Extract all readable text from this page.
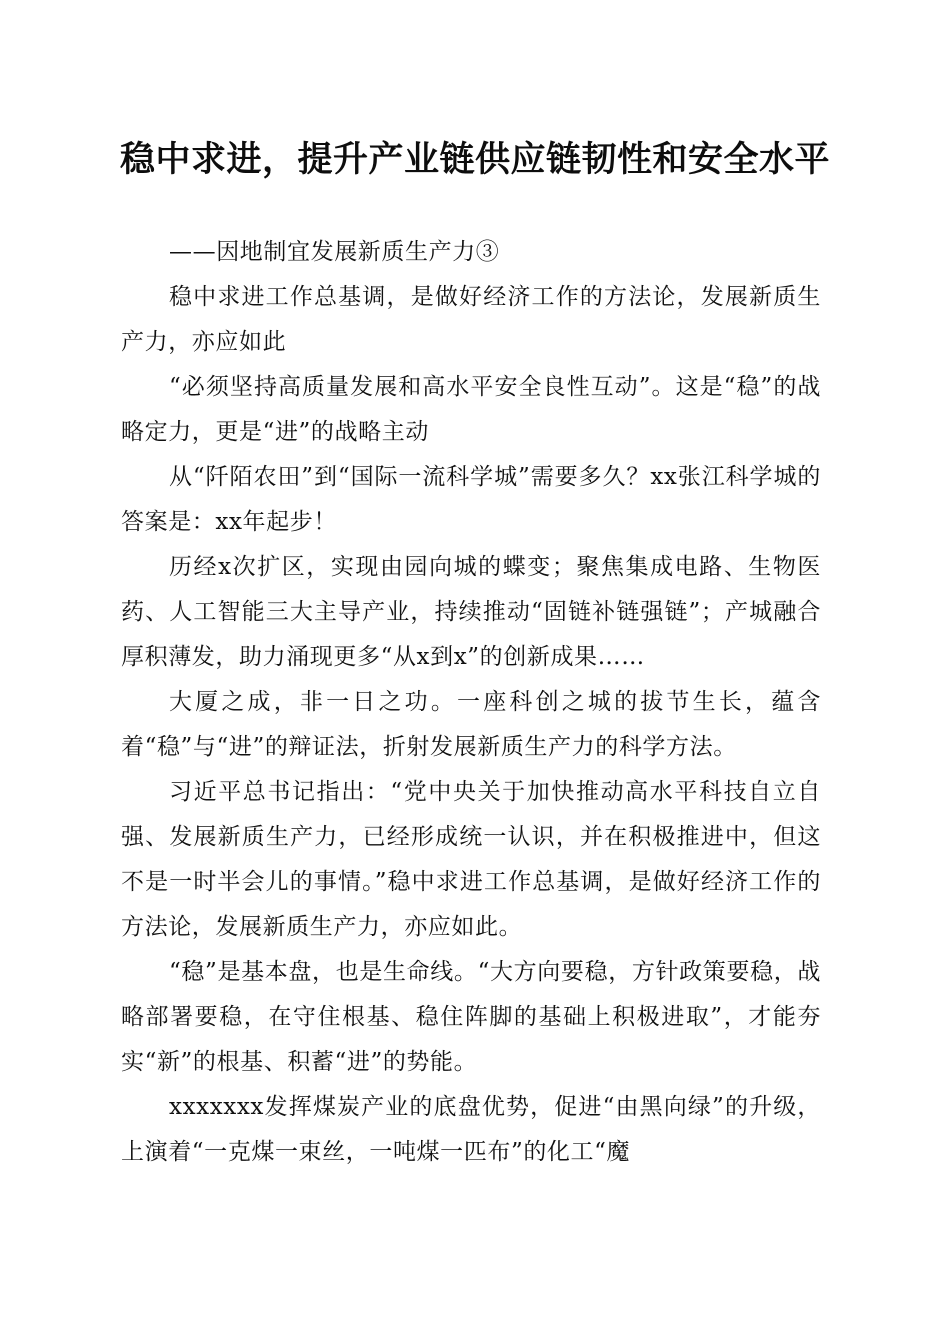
稳中求进，提升产业链供应链韧性和安全水平

——因地制宜发展新质生产力③

稳中求进工作总基调，是做好经济工作的方法论，发展新质生产力，亦应如此

“必须坚持高质量发展和高水平安全良性互动”。这是“稳”的战略定力，更是“进”的战略主动

从“阡陌农田”到“国际一流科学城”需要多久？xx张江科学城的答案是：xx年起步！

历经x次扩区，实现由园向城的蝶变；聚焦集成电路、生物医药、人工智能三大主导产业，持续推动“固链补链强链”；产城融合厚积薄发，助力涌现更多“从x到x”的创新成果……

大厦之成，非一日之功。一座科创之城的拔节生长，蕴含着“稳”与“进”的辩证法，折射发展新质生产力的科学方法。

习近平总书记指出：“党中央关于加快推动高水平科技自立自强、发展新质生产力，已经形成统一认识，并在积极推进中，但这不是一时半会儿的事情。”稳中求进工作总基调，是做好经济工作的方法论，发展新质生产力，亦应如此。

“稳”是基本盘，也是生命线。“大方向要稳，方针政策要稳，战略部署要稳，在守住根基、稳住阵脚的基础上积极进取”，才能夯实“新”的根基、积蓄“进”的势能。

xxxxxxx发挥煤炭产业的底盘优势，促进“由黑向绿”的升级，上演着“一克煤一束丝，一吨煤一匹布”的化工“魔
